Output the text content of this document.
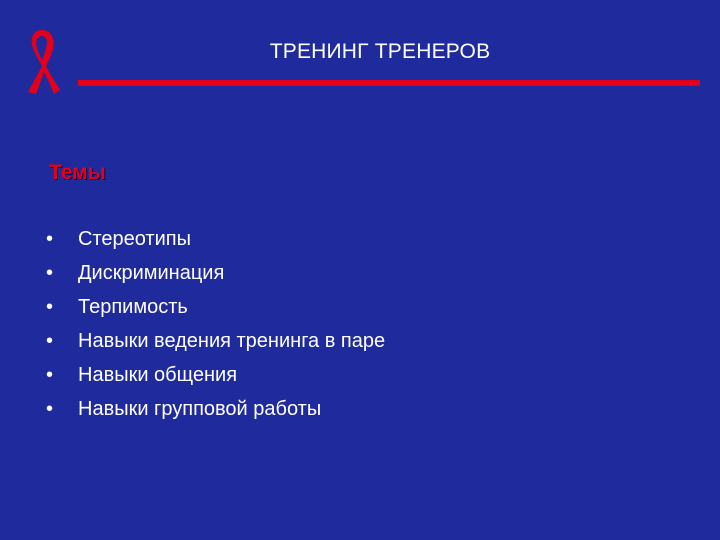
ТРЕНИНГ ТРЕНЕРОВ
Темы
• Стереотипы
• Дискриминация
• Терпимость
• Навыки ведения тренинга в паре
• Навыки общения
• Навыки групповой работы
